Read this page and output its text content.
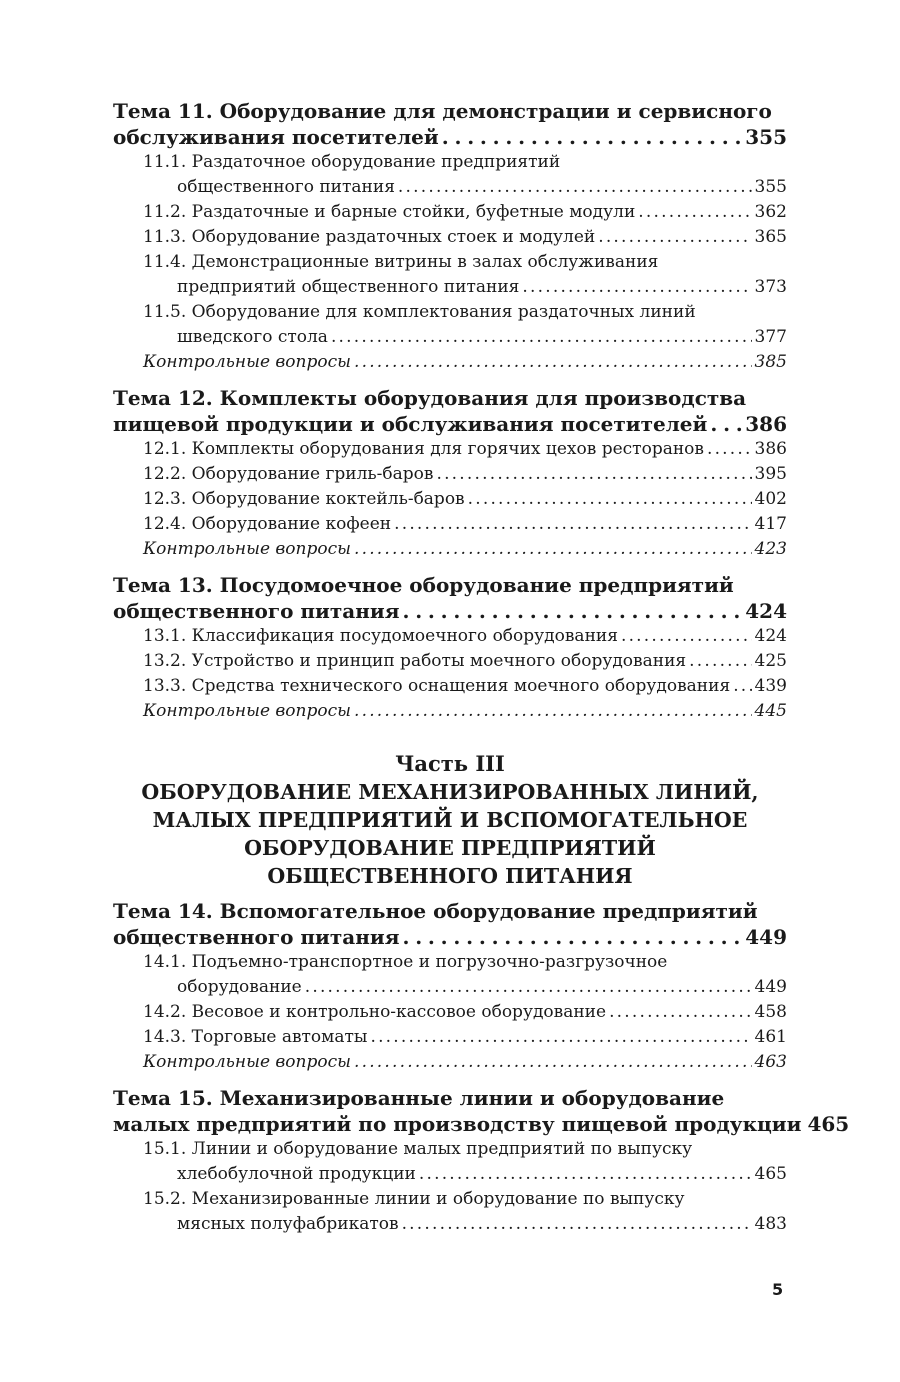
Тема 11. Оборудование для демонстрации и сервисного
обслуживания посетителей . . .	355
11.1. Раздаточное оборудование предприятий
общественного питания . . .	355
11.2. Раздаточные и барные стойки, буфетные модули . . .	362
11.3. Оборудование раздаточных стоек и модулей . . .	365
11.4. Демонстрационные витрины в залах обслуживания
предприятий общественного питания . . .	373
11.5. Оборудование для комплектования раздаточных линий
шведского стола . . .	377
Контрольные вопросы . . .	385
Тема 12. Комплекты оборудования для производства
пищевой продукции и обслуживания посетителей . . . 386
12.1. Комплекты оборудования для горячих цехов ресторанов . . .	386
12.2. Оборудование гриль-баров . . .	395
12.3. Оборудование коктейль-баров . . .	402
12.4. Оборудование кофеен . . .	417
Контрольные вопросы . . .	423
Тема 13. Посудомоечное оборудование предприятий
общественного питания . . .	424
13.1. Классификация посудомоечного оборудования . . .	424
13.2. Устройство и принцип работы моечного оборудования . . .	425
13.3. Средства технического оснащения моечного оборудования . . . 439
Контрольные вопросы . . .	445
Часть III
ОБОРУДОВАНИЕ МЕХАНИЗИРОВАННЫХ ЛИНИЙ,
МАЛЫХ ПРЕДПРИЯТИЙ И ВСПОМОГАТЕЛЬНОЕ
ОБОРУДОВАНИЕ ПРЕДПРИЯТИЙ
ОБЩЕСТВЕННОГО ПИТАНИЯ
Тема 14. Вспомогательное оборудование предприятий
общественного питания . . .	449
14.1. Подъемно-транспортное и погрузочно-разгрузочное
оборудование . . .	449
14.2. Весовое и контрольно-кассовое оборудование . . .	458
14.3. Торговые автоматы . . .	461
Контрольные вопросы . . .	463
Тема 15. Механизированные линии и оборудование
малых предприятий по производству пищевой продукции 465
15.1. Линии и оборудование малых предприятий по выпуску
хлебобулочной продукции . . .	465
15.2. Механизированные линии и оборудование по выпуску
мясных полуфабрикатов . . .	483
5
